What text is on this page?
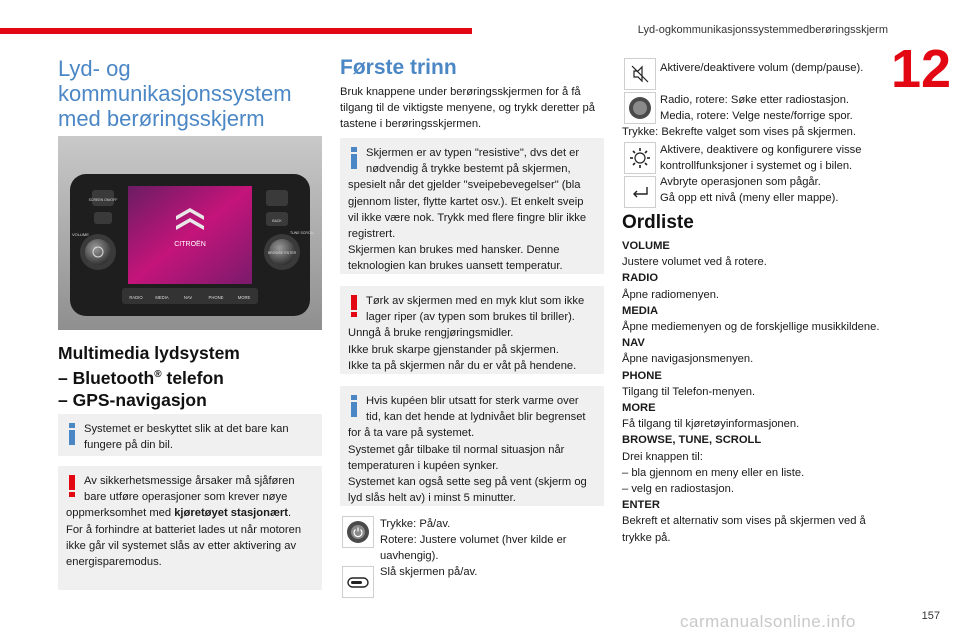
Lyd-ogkommunikasjonssystemmedberøringsskjerm
12
Lyd- og kommunikasjonssystem med berøringsskjerm
CITROËN
SCREEN ON/OFF
VOLUME
BACK
BROWSE ENTER
TUNE SCROLL
RADIO	MEDIA	NAV	PHONE	MORE
Multimedia lydsystem
– Bluetooth® telefon
– GPS-navigasjon

Systemet er beskyttet slik at det bare kan fungere på din bil.

Av sikkerhetsmessige årsaker må sjåføren bare utføre operasjoner som krever nøye oppmerksomhet med kjøretøyet stasjonært.

For å forhindre at batteriet lades ut når motoren ikke går vil systemet slås av etter aktivering av energisparemodus.

Første trinn

Bruk knappene under berøringsskjermen for å få tilgang til de viktigste menyene, og trykk deretter på tastene i berøringsskjermen.

Skjermen er av typen "resistive", dvs det er nødvendig å trykke bestemt på skjermen, spesielt når det gjelder "sveipebevegelser" (bla gjennom lister, flytte kartet osv.). Et enkelt sveip vil ikke være nok. Trykk med flere fingre blir ikke registrert.

Skjermen kan brukes med hansker. Denne teknologien kan brukes uansett temperatur.

Tørk av skjermen med en myk klut som ikke lager riper (av typen som brukes til briller). Unngå å bruke rengjøringsmidler.

Ikke bruk skarpe gjenstander på skjermen.

Ikke ta på skjermen når du er våt på hendene.

Hvis kupéen blir utsatt for sterk varme over tid, kan det hende at lydnivået blir begrenset for å ta vare på systemet.

Systemet går tilbake til normal situasjon når temperaturen i kupéen synker.

Systemet kan også sette seg på vent (skjerm og lyd slås helt av) i minst 5 minutter.

Trykke: På/av.
Rotere: Justere volumet (hver kilde er uavhengig).
Slå skjermen på/av.
Aktivere/deaktivere volum (demp/pause).
Radio, rotere: Søke etter radiostasjon.
Media, rotere: Velge neste/forrige spor.
Trykke: Bekrefte valget som vises på skjermen.
Aktivere, deaktivere og konfigurere visse
kontrollfunksjoner i systemet og i bilen.
Avbryte operasjonen som pågår.
Gå opp ett nivå (meny eller mappe).
Ordliste
VOLUME
Justere volumet ved å rotere.
RADIO
Åpne radiomenyen.
MEDIA
Åpne mediemenyen og de forskjellige musikkildene.
NAV
Åpne navigasjonsmenyen.
PHONE
Tilgang til Telefon-menyen.
MORE
Få tilgang til kjøretøyinformasjonen.
BROWSE, TUNE, SCROLL
Drei knappen til:
– bla gjennom en meny eller en liste.
– velg en radiostasjon.
ENTER
Bekreft et alternativ som vises på skjermen ved å trykke på.
carmanualsonline.info	157
